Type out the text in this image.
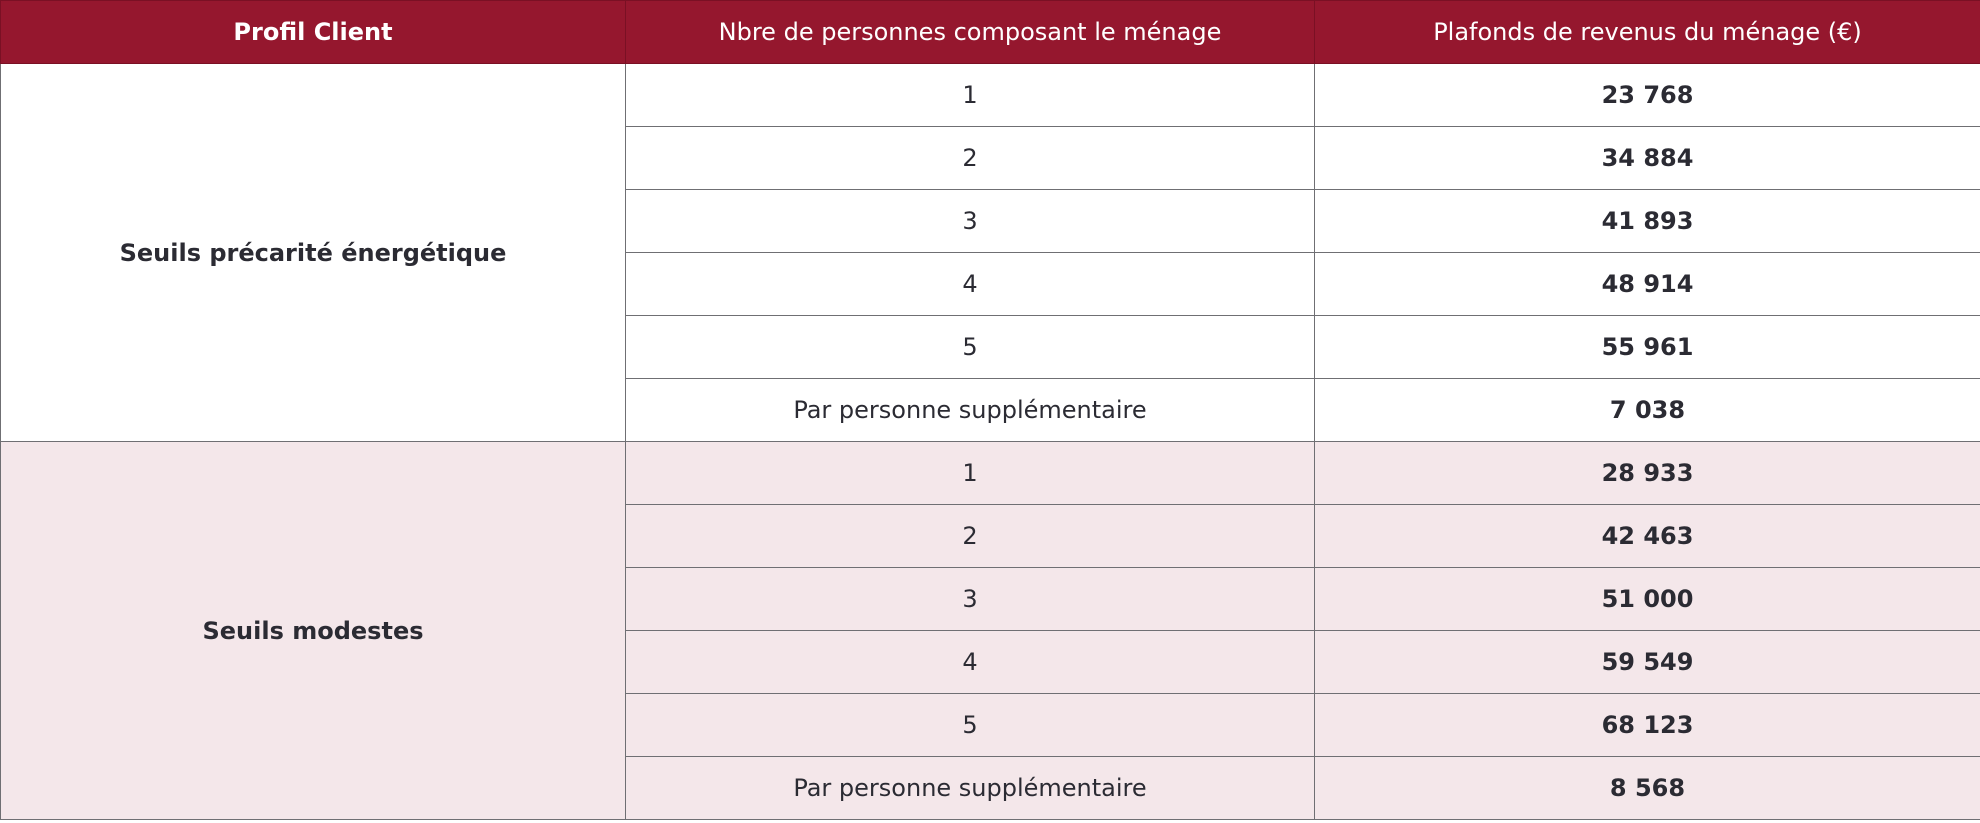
Profil Client	Nbre de personnes composant le ménage	Plafonds de revenus du ménage (€)
Seuils précarité énergétique	1	23 768
	2	34 884
	3	41 893
	4	48 914
	5	55 961
	Par personne supplémentaire	7 038
Seuils modestes	1	28 933
	2	42 463
	3	51 000
	4	59 549
	5	68 123
	Par personne supplémentaire	8 568
